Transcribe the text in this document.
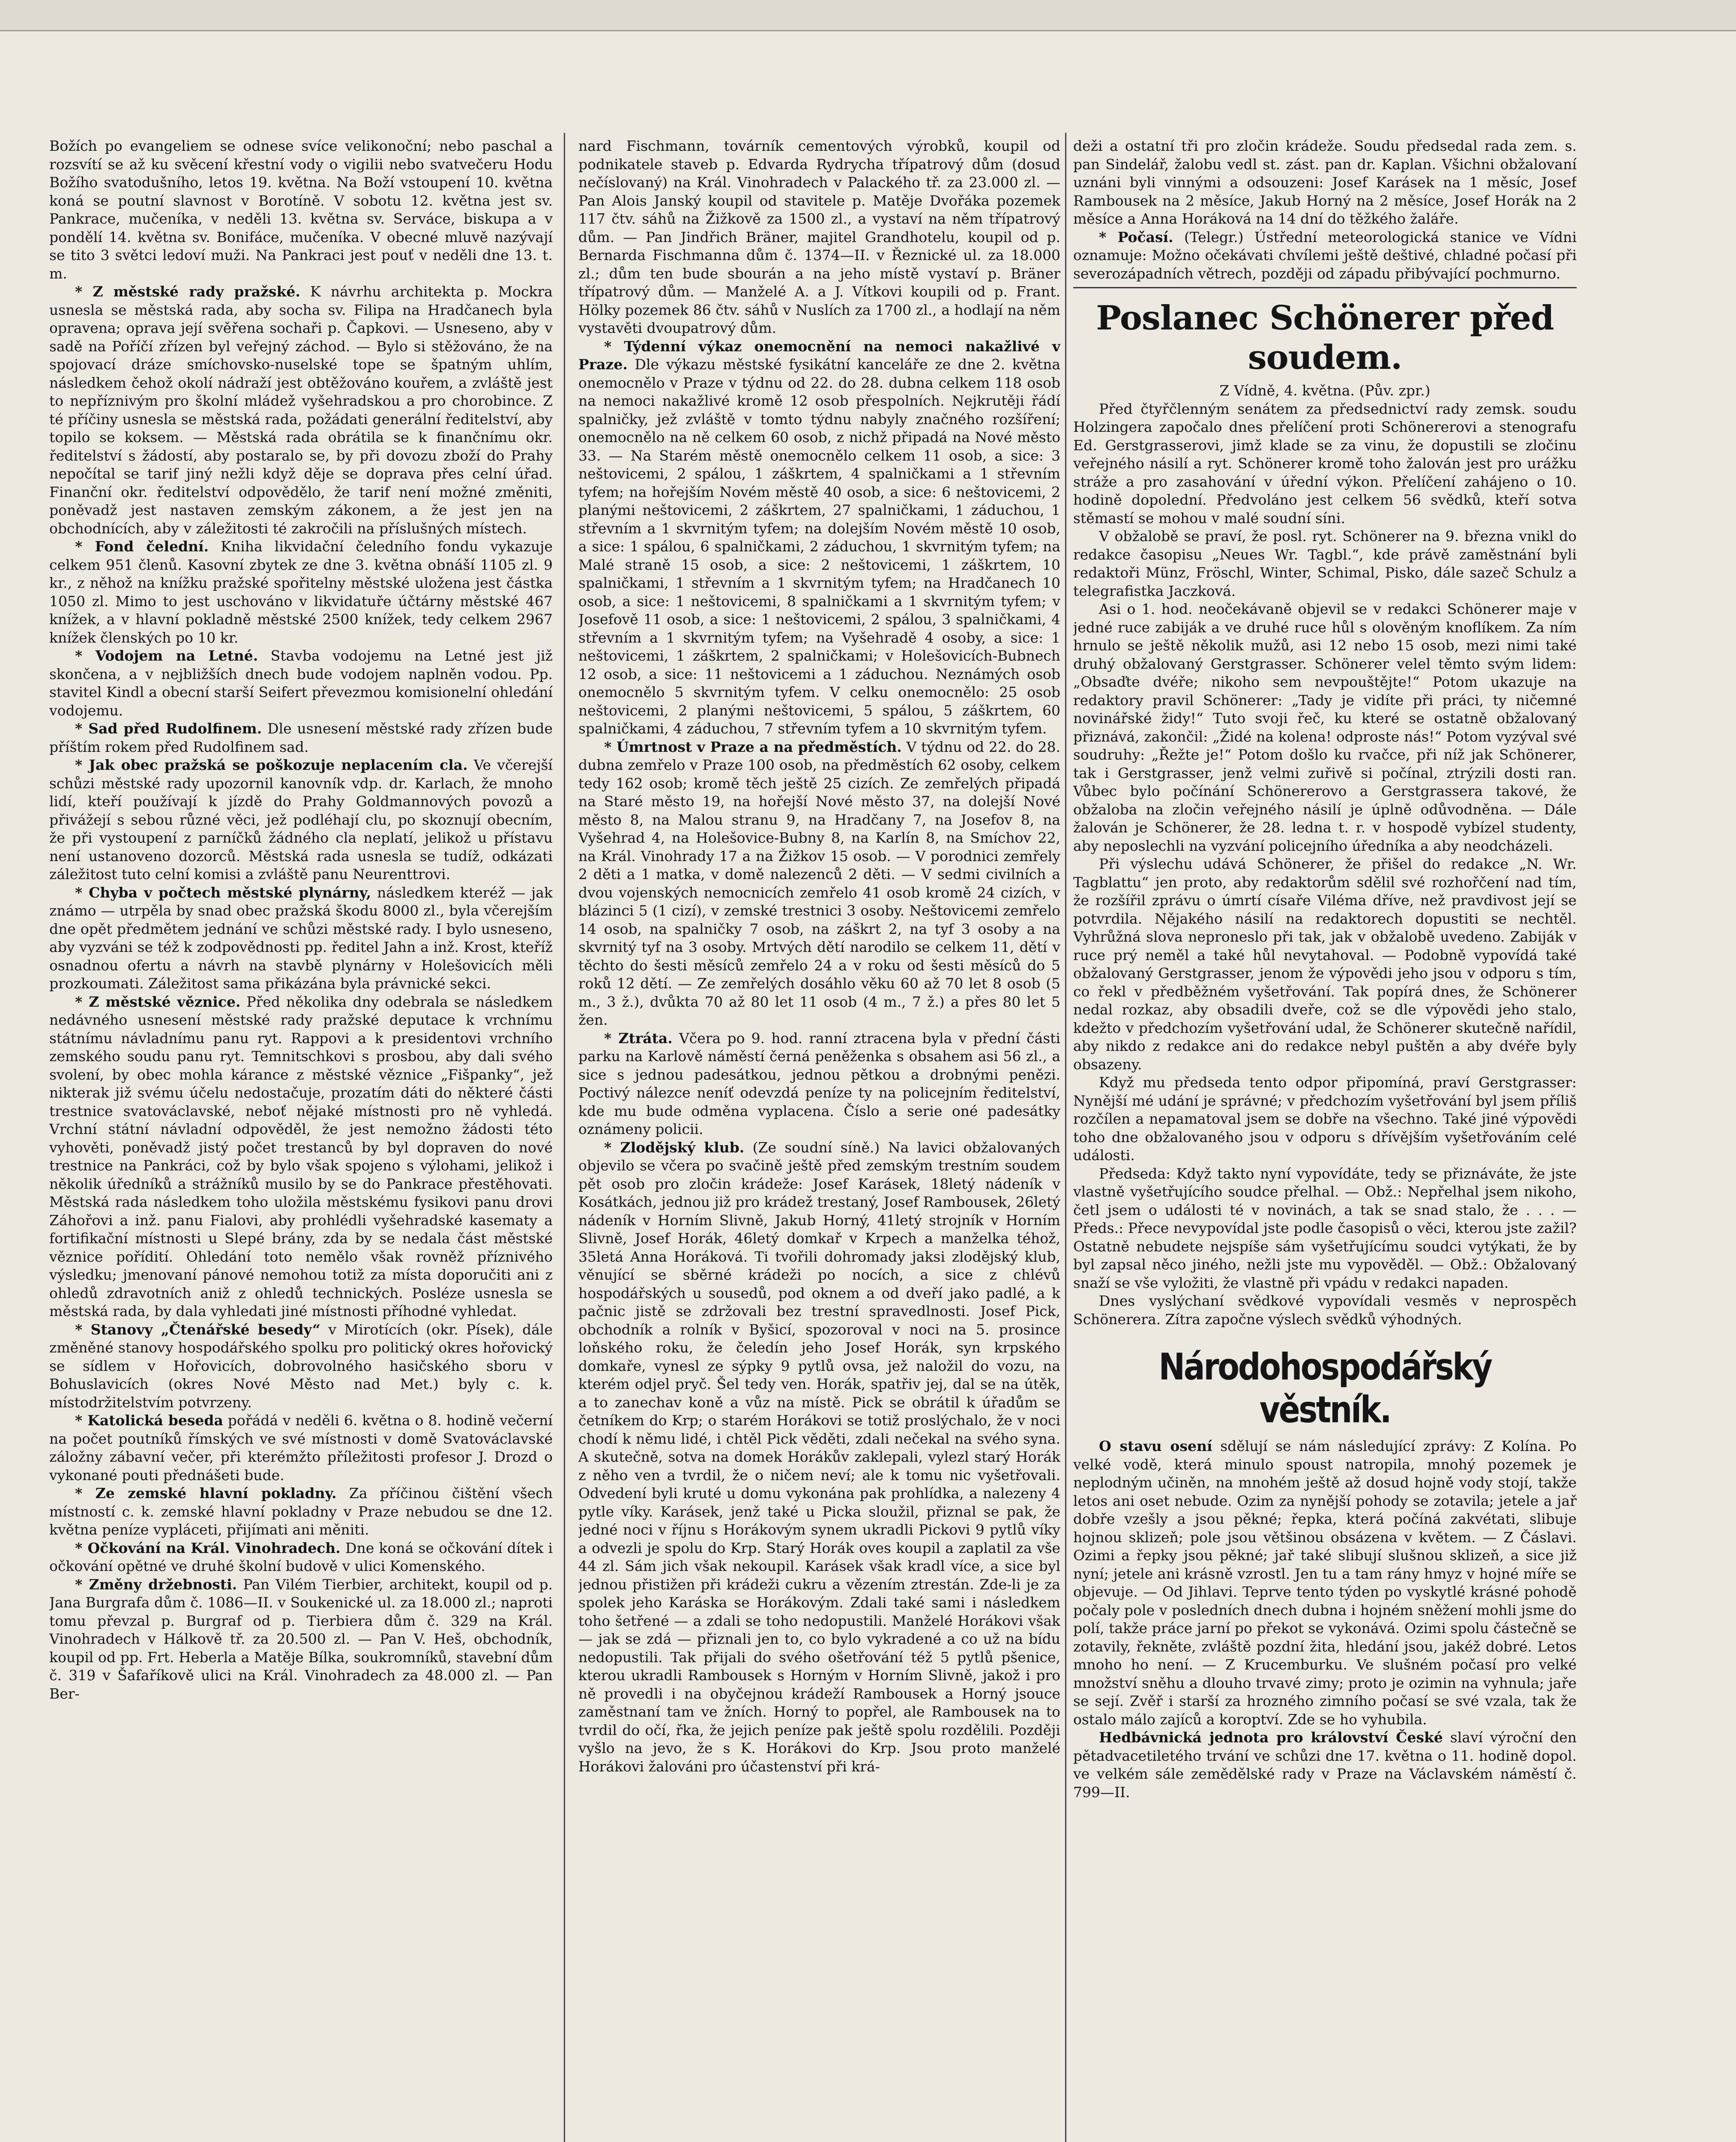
Božích po evangeliem se odnese svíce velikonoční; nebo paschal a rozsvítí se až ku svěcení křestní vody o vigilii nebo svatvečeru Hodu Božího svatodušního, letos 19. května. Na Boží vstoupení 10. května koná se poutní slavnost v Borotíně. V sobotu 12. května jest sv. Pankrace, mučeníka, v neděli 13. května sv. Serváce, biskupa a v pondělí 14. května sv. Bonifáce, mučeníka. V obecné mluvě nazývají se tito 3 světci ledoví muži. Na Pankraci jest pouť v neděli dne 13. t. m.

* Z městské rady pražské. K návrhu architekta p. Mockra usnesla se městská rada, aby socha sv. Filipa na Hradčanech byla opravena; oprava její svěřena sochaři p. Čapkovi. — Usneseno, aby v sadě na Poříčí zřízen byl veřejný záchod. — Bylo si stěžováno, že na spojovací dráze smíchovsko-nuselské tope se špatným uhlím, následkem čehož okolí nádraží jest obtěžováno kouřem, a zvláště jest to nepříznivým pro školní mládež vyšehradskou a pro chorobince. Z té příčiny usnesla se městská rada, požádati generální ředitelství, aby topilo se koksem. — Městská rada obrátila se k finančnímu okr. ředitelství s žádostí, aby postaralo se, by při dovozu zboží do Prahy nepočítal se tarif jiný nežli když děje se doprava přes celní úřad. Finanční okr. ředitelství odpovědělo, že tarif není možné změniti, poněvadž jest nastaven zemským zákonem, a že jest jen na obchodnících, aby v záležitosti té zakročili na příslušných místech.

* Fond čelední. Kniha likvidační čeledního fondu vykazuje celkem 951 členů. Kasovní zbytek ze dne 3. května obnáší 1105 zl. 9 kr., z něhož na knížku pražské spořitelny městské uložena jest částka 1050 zl. Mimo to jest uschováno v likvidatuře účtárny městské 467 knížek, a v hlavní pokladně městské 2500 knížek, tedy celkem 2967 knížek členských po 10 kr.

* Vodojem na Letné. Stavba vodojemu na Letné jest již skončena, a v nejbližších dnech bude vodojem naplněn vodou. Pp. stavitel Kindl a obecní starší Seifert převezmou komisionelní ohledání vodojemu.

* Sad před Rudolfinem. Dle usnesení městské rady zřízen bude příštím rokem před Rudolfinem sad.

* Jak obec pražská se poškozuje neplacením cla. Ve včerejší schůzi městské rady upozornil kanovník vdp. dr. Karlach, že mnoho lidí, kteří používají k jízdě do Prahy Goldmannových povozů a přivážejí s sebou různé věci, jež podléhají clu, po skoznují obecním, že při vystoupení z parníčků žádného cla neplatí, jelikož u přístavu není ustanoveno dozorců. Městská rada usnesla se tudíž, odkázati záležitost tuto celní komisi a zvláště panu Neurenttrovi.

* Chyba v počtech městské plynárny, následkem kteréž — jak známo — utrpěla by snad obec pražská škodu 8000 zl., byla včerejším dne opět předmětem jednání ve schůzi městské rady. I bylo usneseno, aby vyzváni se též k zodpovědnosti pp. ředitel Jahn a inž. Krost, kteříž osnadnou ofertu a návrh na stavbě plynárny v Holešovicích měli prozkoumati. Záležitost sama přikázána byla právnické sekci.

* Z městské věznice. Před několika dny odebrala se následkem nedávného usnesení městské rady pražské deputace k vrchnímu státnímu návladnímu panu ryt. Rappovi a k presidentovi vrchního zemského soudu panu ryt. Temnitschkovi s prosbou, aby dali svého svolení, by obec mohla kárance z městské věznice „Fišpanky“, jež nikterak již svému účelu nedostačuje, prozatím dáti do některé části trestnice svatováclavské, neboť nějaké místnosti pro ně vyhledá. Vrchní státní návladní odpověděl, že jest nemožno žádosti této vyhověti, poněvadž jistý počet trestanců by byl dopraven do nové trestnice na Pankráci, což by bylo však spojeno s výlohami, jelikož i několik úředníků a strážníků musilo by se do Pankrace přestěhovati. Městská rada následkem toho uložila městskému fysikovi panu drovi Záhořovi a inž. panu Fialovi, aby prohlédli vyšehradské kasematy a fortifikační místnosti u Slepé brány, zda by se nedala část městské věznice pořídití. Ohledání toto nemělo však rovněž příznivého výsledku; jmenovaní pánové nemohou totiž za místa doporučiti ani z ohledů zdravotních aniž z ohledů technických. Posléze usnesla se městská rada, by dala vyhledati jiné místnosti příhodné vyhledat.

* Stanovy „Čtenářské besedy“ v Mirotících (okr. Písek), dále změněné stanovy hospodářského spolku pro politický okres hořovický se sídlem v Hořovicích, dobrovolného hasičského sboru v Bohuslavicích (okres Nové Město nad Met.) byly c. k. místodržitelstvím potvrzeny.

* Katolická beseda pořádá v neděli 6. května o 8. hodině večerní na počet poutníků římských ve své místnosti v domě Svatováclavské záložny zábavní večer, při kterémžto příležitosti profesor J. Drozd o vykonané pouti přednášeti bude.

* Ze zemské hlavní pokladny. Za příčinou čištění všech místností c. k. zemské hlavní pokladny v Praze nebudou se dne 12. května peníze vypláceti, přijímati ani měniti.

* Očkování na Král. Vinohradech. Dne koná se očkování dítek i očkování opětné ve druhé školní budově v ulici Komenského.

* Změny držebnosti. Pan Vilém Tierbier, architekt, koupil od p. Jana Burgrafa dům č. 1086—II. v Soukenické ul. za 18.000 zl.; naproti tomu převzal p. Burgraf od p. Tierbiera dům č. 329 na Král. Vinohradech v Hálkově tř. za 20.500 zl. — Pan V. Heš, obchodník, koupil od pp. Frt. Heberla a Matěje Bílka, soukromníků, stavební dům č. 319 v Šafaříkově ulici na Král. Vinohradech za 48.000 zl. — Pan Ber-

nard Fischmann, továrník cementových výrobků, koupil od podnikatele staveb p. Edvarda Rydrycha třípatrový dům (dosud nečíslovaný) na Král. Vinohradech v Palackého tř. za 23.000 zl. — Pan Alois Janský koupil od stavitele p. Matěje Dvořáka pozemek 117 čtv. sáhů na Žižkově za 1500 zl., a vystaví na něm třípatrový dům. — Pan Jindřich Bräner, majitel Grandhotelu, koupil od p. Bernarda Fischmanna dům č. 1374—II. v Řeznické ul. za 18.000 zl.; dům ten bude sbourán a na jeho místě vystaví p. Bräner třípatrový dům. — Manželé A. a J. Vítkovi koupili od p. Frant. Hölky pozemek 86 čtv. sáhů v Nuslích za 1700 zl., a hodlají na něm vystavěti dvoupatrový dům.

* Týdenní výkaz onemocnění na nemoci nakažlivé v Praze. Dle výkazu městské fysikátní kanceláře ze dne 2. května onemocnělo v Praze v týdnu od 22. do 28. dubna celkem 118 osob na nemoci nakažlivé kromě 12 osob přespolních. Nejkrutěji řádí spalničky, jež zvláště v tomto týdnu nabyly značného rozšíření; onemocnělo na ně celkem 60 osob, z nichž připadá na Nové město 33. — Na Starém městě onemocnělo celkem 11 osob, a sice: 3 neštovicemi, 2 spálou, 1 záškrtem, 4 spalničkami a 1 střevním tyfem; na hořejším Novém městě 40 osob, a sice: 6 neštovicemi, 2 planými neštovicemi, 2 záškrtem, 27 spalničkami, 1 záduchou, 1 střevním a 1 skvrnitým tyfem; na dolejším Novém městě 10 osob, a sice: 1 spálou, 6 spalničkami, 2 záduchou, 1 skvrnitým tyfem; na Malé straně 15 osob, a sice: 2 neštovicemi, 1 záškrtem, 10 spalničkami, 1 střevním a 1 skvrnitým tyfem; na Hradčanech 10 osob, a sice: 1 neštovicemi, 8 spalničkami a 1 skvrnitým tyfem; v Josefově 11 osob, a sice: 1 neštovicemi, 2 spálou, 3 spalničkami, 4 střevním a 1 skvrnitým tyfem; na Vyšehradě 4 osoby, a sice: 1 neštovicemi, 1 záškrtem, 2 spalničkami; v Holešovicích-Bubnech 12 osob, a sice: 11 neštovicemi a 1 záduchou. Neznámých osob onemocnělo 5 skvrnitým tyfem. V celku onemocnělo: 25 osob neštovicemi, 2 planými neštovicemi, 5 spálou, 5 záškrtem, 60 spalničkami, 4 záduchou, 7 střevním tyfem a 10 skvrnitým tyfem.

* Úmrtnost v Praze a na předměstích. V týdnu od 22. do 28. dubna zemřelo v Praze 100 osob, na předměstích 62 osoby, celkem tedy 162 osob; kromě těch ještě 25 cizích. Ze zemřelých připadá na Staré město 19, na hořejší Nové město 37, na dolejší Nové město 8, na Malou stranu 9, na Hradčany 7, na Josefov 8, na Vyšehrad 4, na Holešovice-Bubny 8, na Karlín 8, na Smíchov 22, na Král. Vinohrady 17 a na Žižkov 15 osob. — V porodnici zemřely 2 děti a 1 matka, v domě nalezenců 2 děti. — V sedmi civilních a dvou vojenských nemocnicích zemřelo 41 osob kromě 24 cizích, v blázinci 5 (1 cizí), v zemské trestnici 3 osoby. Neštovicemi zemřelo 14 osob, na spalničky 7 osob, na záškrt 2, na tyf 3 osoby a na skvrnitý tyf na 3 osoby. Mrtvých dětí narodilo se celkem 11, dětí v těchto do šesti měsíců zemřelo 24 a v roku od šesti měsíců do 5 roků 12 dětí. — Ze zemřelých dosáhlo věku 60 až 70 let 8 osob (5 m., 3 ž.), dvůkta 70 až 80 let 11 osob (4 m., 7 ž.) a přes 80 let 5 žen.

* Ztráta. Včera po 9. hod. ranní ztracena byla v přední části parku na Karlově náměstí černá peněženka s obsahem asi 56 zl., a sice s jednou padesátkou, jednou pětkou a drobnými penězi. Poctivý nálezce neníť odevzdá peníze ty na policejním ředitelství, kde mu bude odměna vyplacena. Číslo a serie oné padesátky oznámeny policii.

* Zlodějský klub. (Ze soudní síně.) Na lavici obžalovaných objevilo se včera po svačině ještě před zemským trestním soudem pět osob pro zločin krádeže: Josef Karásek, 18letý nádeník v Kosátkách, jednou již pro krádež trestaný, Josef Rambousek, 26letý nádeník v Horním Slivně, Jakub Horný, 41letý strojník v Horním Slivně, Josef Horák, 46letý domkař v Krpech a manželka téhož, 35letá Anna Horáková. Ti tvořili dohromady jaksi zlodějský klub, věnující se sběrné krádeži po nocích, a sice z chlévů hospodářských u sousedů, pod oknem a od dveří jako padlé, a k pačnic jistě se zdržovali bez trestní spravedlnosti. Josef Pick, obchodník a rolník v Byšicí, spozoroval v noci na 5. prosince loňského roku, že čeledín jeho Josef Horák, syn krpského domkaře, vynesl ze sýpky 9 pytlů ovsa, jež naložil do vozu, na kterém odjel pryč. Šel tedy ven. Horák, spatřiv jej, dal se na útěk, a to zanechav koně a vůz na místě. Pick se obrátil k úřadům se četníkem do Krp; o starém Horákovi se totiž proslýchalo, že v noci chodí k němu lidé, i chtěl Pick věděti, zdali nečekal na svého syna. A skutečně, sotva na domek Horákův zaklepali, vylezl starý Horák z něho ven a tvrdil, že o ničem neví; ale k tomu nic vyšetřovali. Odvedení byli kruté u domu vykonána pak prohlídka, a nalezeny 4 pytle víky. Karásek, jenž také u Picka sloužil, přiznal se pak, že jedné noci v říjnu s Horákovým synem ukradli Pickovi 9 pytlů víky a odvezli je spolu do Krp. Starý Horák oves koupil a zaplatil za vše 44 zl. Sám jich však nekoupil. Karásek však kradl více, a sice byl jednou přistižen při krádeži cukru a vězením ztrestán. Zde-li je za spolek jeho Karáska se Horákovým. Zdali také sami i následkem toho šetřené — a zdali se toho nedopustili. Manželé Horákovi však — jak se zdá — přiznali jen to, co bylo vykradené a co už na bídu nedopustili. Tak přijali do svého ošetřování též 5 pytlů pšenice, kterou ukradli Rambousek s Horným v Horním Slivně, jakož i pro ně provedli i na obyčejnou krádeží Rambousek a Horný jsouce zaměstnaní tam ve žních. Horný to popřel, ale Rambousek na to tvrdil do očí, řka, že jejich peníze pak ještě spolu rozdělili. Později vyšlo na jevo, že s K. Horákovi do Krp. Jsou proto manželé Horákovi žalováni pro účastenství při krá-

deži a ostatní tři pro zločin krádeže. Soudu předsedal rada zem. s. pan Sindelář, žalobu vedl st. zást. pan dr. Kaplan. Všichni obžalovaní uznáni byli vinnými a odsouzeni: Josef Karásek na 1 měsíc, Josef Rambousek na 2 měsíce, Jakub Horný na 2 měsíce, Josef Horák na 2 měsíce a Anna Horáková na 14 dní do těžkého žaláře.

* Počasí. (Telegr.) Ústřední meteorologická stanice ve Vídni oznamuje: Možno očekávati chvílemi ještě deštivé, chladné počasí při severozápadních větrech, později od západu přibývající pochmurno.

Poslanec Schönerer před soudem.

Z Vídně, 4. května. (Pův. zpr.)

Před čtyřčlenným senátem za předsednictví rady zemsk. soudu Holzingera započalo dnes přelíčení proti Schönererovi a stenografu Ed. Gerstgrasserovi, jimž klade se za vinu, že dopustili se zločinu veřejného násilí a ryt. Schönerer kromě toho žalován jest pro urážku stráže a pro zasahování v úřední výkon. Přelíčení zahájeno o 10. hodině dopolední. Předvoláno jest celkem 56 svědků, kteří sotva stěmastí se mohou v malé soudní síni.

V obžalobě se praví, že posl. ryt. Schönerer na 9. března vnikl do redakce časopisu „Neues Wr. Tagbl.“, kde právě zaměstnání byli redaktoři Münz, Fröschl, Winter, Schimal, Pisko, dále sazeč Schulz a telegrafistka Jaczková.

Asi o 1. hod. neočekávaně objevil se v redakci Schönerer maje v jedné ruce zabiják a ve druhé ruce hůl s olověným knoflíkem. Za ním hrnulo se ještě několik mužů, asi 12 nebo 15 osob, mezi nimi také druhý obžalovaný Gerstgrasser. Schönerer velel těmto svým lidem: „Obsaďte dvéře; nikoho sem nevpouštějte!“ Potom ukazuje na redaktory pravil Schönerer: „Tady je vidíte při práci, ty ničemné novinářské židy!“ Tuto svoji řeč, ku které se ostatně obžalovaný přiznává, zakončil: „Židé na kolena! odproste nás!“ Potom vyzýval své soudruhy: „Řežte je!“ Potom došlo ku rvačce, při níž jak Schönerer, tak i Gerstgrasser, jenž velmi zuřivě si počínal, ztrýzili dosti ran. Vůbec bylo počínání Schönererovo a Gerstgrassera takové, že obžaloba na zločin veřejného násilí je úplně odůvodněna. — Dále žalován je Schönerer, že 28. ledna t. r. v hospodě vybízel studenty, aby neposlechli na vyzvání policejního úředníka a aby neodcházeli.

Při výslechu udává Schönerer, že přišel do redakce „N. Wr. Tagblattu“ jen proto, aby redaktorům sdělil své rozhořčení nad tím, že rozšířil zprávu o úmrtí císaře Viléma dříve, než pravdivost její se potvrdila. Nějakého násilí na redaktorech dopustiti se nechtěl. Vyhrůžná slova neproneslo při tak, jak v obžalobě uvedeno. Zabiják v ruce prý neměl a také hůl nevytahoval. — Podobně vypovídá také obžalovaný Gerstgrasser, jenom že výpovědi jeho jsou v odporu s tím, co řekl v předběžném vyšetřování. Tak popírá dnes, že Schönerer nedal rozkaz, aby obsadili dveře, což se dle výpovědi jeho stalo, kdežto v předchozím vyšetřování udal, že Schönerer skutečně nařídil, aby nikdo z redakce ani do redakce nebyl puštěn a aby dvéře byly obsazeny.

Když mu předseda tento odpor připomíná, praví Gerstgrasser: Nynější mé udání je správné; v předchozím vyšetřování byl jsem příliš rozčílen a nepamatoval jsem se dobře na všechno. Také jiné výpovědi toho dne obžalovaného jsou v odporu s dřívějším vyšetřováním celé události.

Předseda: Když takto nyní vypovídáte, tedy se přiznáváte, že jste vlastně vyšetřujícího soudce přelhal. — Obž.: Nepřelhal jsem nikoho, četl jsem o události té v novinách, a tak se snad stalo, že . . . — Předs.: Přece nevypovídal jste podle časopisů o věci, kterou jste zažil? Ostatně nebudete nejspíše sám vyšetřujícímu soudci vytýkati, že by byl zapsal něco jiného, nežli jste mu vypověděl. — Obž.: Obžalovaný snaží se vše vyložiti, že vlastně při vpádu v redakci napaden.

Dnes vyslýchaní svědkové vypovídali vesměs v neprospěch Schönerera. Zítra započne výslech svědků výhodných.

Národohospodářský věstník.

O stavu osení sdělují se nám následující zprávy: Z Kolína. Po velké vodě, která minulo spoust natropila, mnohý pozemek je neplodným učiněn, na mnohém ještě až dosud hojně vody stojí, takže letos ani oset nebude. Ozim za nynější pohody se zotavila; jetele a jař dobře vzešly a jsou pěkné; řepka, která počíná zakvétati, slibuje hojnou sklizeň; pole jsou většinou obsázena v květem. — Z Čáslavi. Ozimi a řepky jsou pěkné; jař také slibují slušnou sklizeň, a sice již nyní; jetele ani krásně vzrostl. Jen tu a tam rány hmyz v hojné míře se objevuje. — Od Jihlavi. Teprve tento týden po vyskytlé krásné pohodě počaly pole v posledních dnech dubna i hojném sněžení mohli jsme do polí, takže práce jarní po překot se vykonává. Ozimi spolu částečně se zotavily, řekněte, zvláště pozdní žita, hledání jsou, jakéž dobré. Letos mnoho ho není. — Z Krucemburku. Ve slušném počasí pro velké množství sněhu a dlouho trvavé zimy; proto je ozimin na vyhnula; jaře se sejí. Zvěř i starší za hrozného zimního počasí se své vzala, tak že ostalo málo zajíců a koroptví. Zde se ho vyhubila.

Hedbávnická jednota pro království České slaví výroční den pětadvacetiletého trvání ve schůzi dne 17. května o 11. hodině dopol. ve velkém sále zemědělské rady v Praze na Václavském náměstí č. 799—II.
